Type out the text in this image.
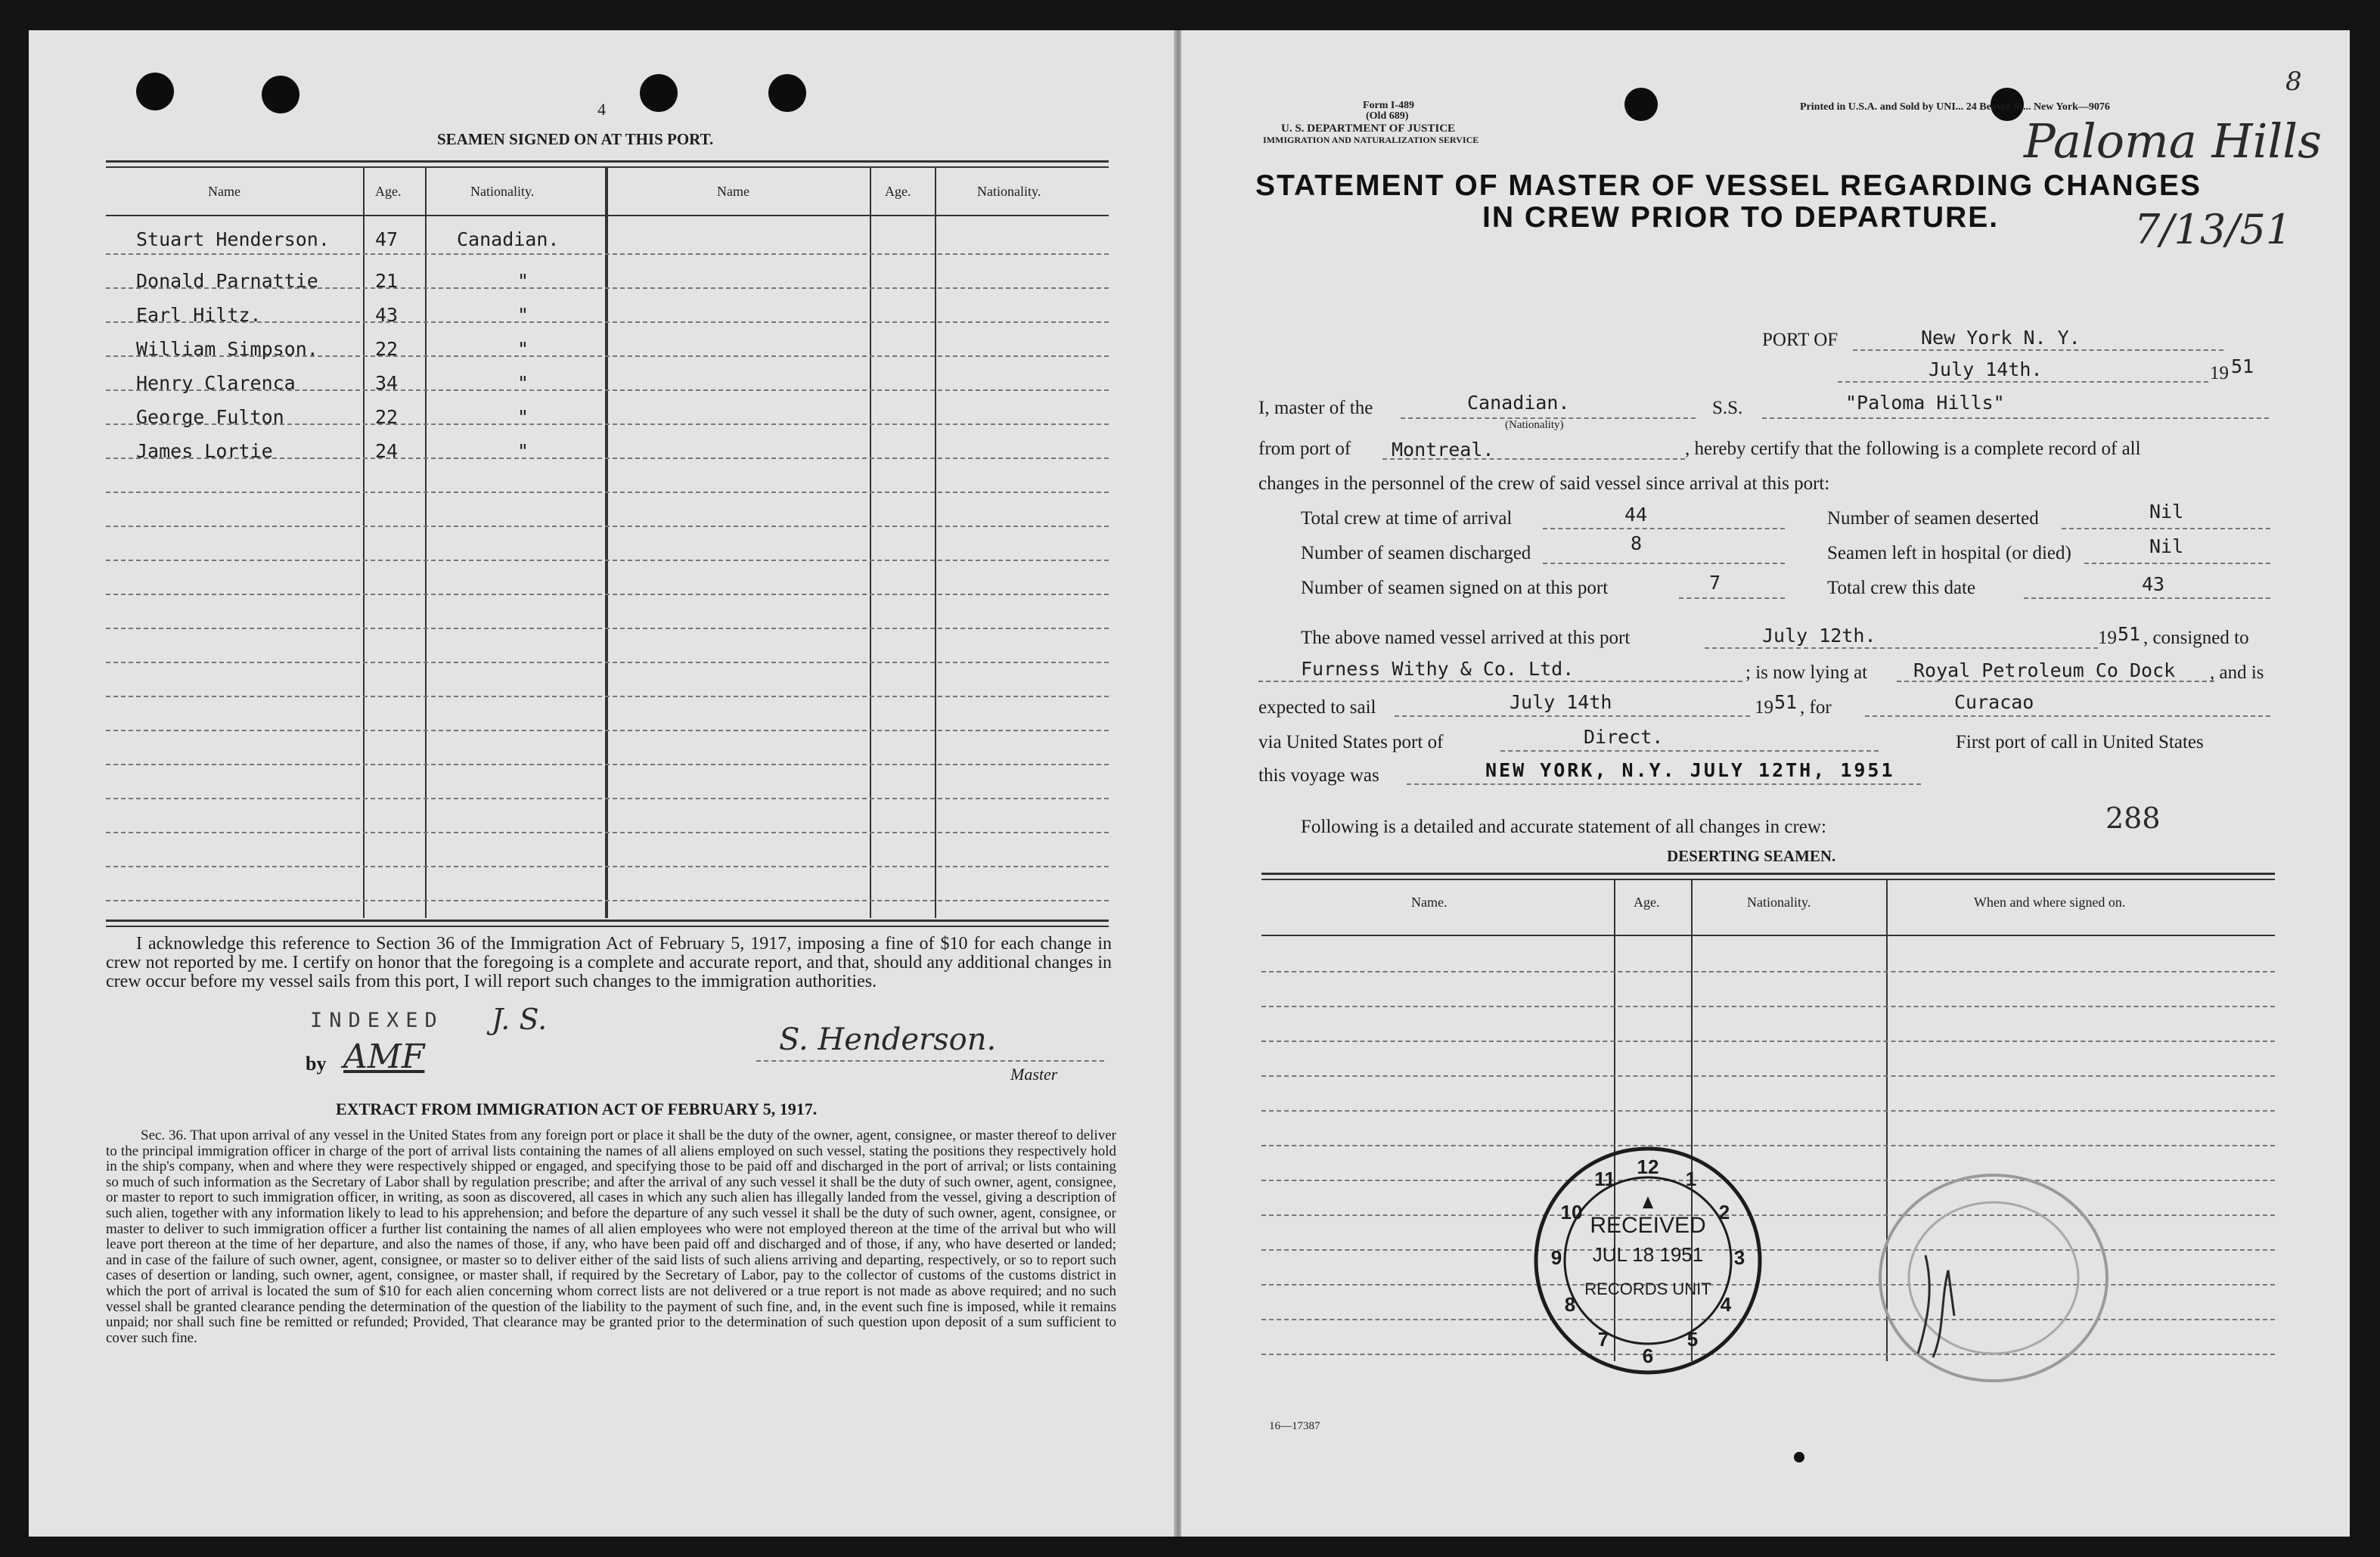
4
SEAMEN SIGNED ON AT THIS PORT.
Name	Age.	Nationality.	Name	Age.	Nationality.
Stuart Henderson. 47	Canadian.
Donald Parnattie	21	"
Earl Hiltz.	43	"
William Simpson.	22	"
Henry Clarenca	34	"
George Fulton	22	"
James Lortie	24	"
I acknowledge this reference to Section 36 of the Immigration Act of February 5, 1917, imposing a fine of $10 for each change in crew not reported by me. I certify on honor that the foregoing is a complete and accurate report, and that, should any additional changes in crew occur before my vessel sails from this port, I will report such changes to the immigration authorities.
INDEXED J. S.
by AMF	S. Henderson.
Master
EXTRACT FROM IMMIGRATION ACT OF FEBRUARY 5, 1917.
Sec. 36. That upon arrival of any vessel in the United States from any foreign port or place it shall be the duty of the owner, agent, consignee, or master thereof to deliver to the principal immigration officer in charge of the port of arrival lists containing the names of all aliens employed on such vessel, stating the positions they respectively hold in the ship's company, when and where they were respectively shipped or engaged, and specifying those to be paid off and discharged in the port of arrival; or lists containing so much of such information as the Secretary of Labor shall by regulation prescribe; and after the arrival of any such vessel it shall be the duty of such owner, agent, consignee, or master to report to such immigration officer, in writing, as soon as discovered, all cases in which any such alien has illegally landed from the vessel, giving a description of such alien, together with any information likely to lead to his apprehension; and before the departure of any such vessel it shall be the duty of such owner, agent, consignee, or master to deliver to such immigration officer a further list containing the names of all alien employees who were not employed thereon at the time of the arrival but who will leave port thereon at the time of her departure, and also the names of those, if any, who have been paid off and discharged and of those, if any, who have deserted or landed; and in case of the failure of such owner, agent, consignee, or master so to deliver either of the said lists of such aliens arriving and departing, respectively, or so to report such cases of desertion or landing, such owner, agent, consignee, or master shall, if required by the Secretary of Labor, pay to the collector of customs of the customs district in which the port of arrival is located the sum of $10 for each alien concerning whom correct lists are not delivered or a true report is not made as above required; and no such vessel shall be granted clearance pending the determination of the question of the liability to the payment of such fine, and, in the event such fine is imposed, while it remains unpaid; nor shall such fine be remitted or refunded; Provided, That clearance may be granted prior to the determination of such question upon deposit of a sum sufficient to cover such fine.
Form I-489
(Old 689)
U. S. DEPARTMENT OF JUSTICE
IMMIGRATION AND NATURALIZATION SERVICE
Printed in U.S.A. and Sold by UNI... 24 Beaver St... New York—9076
8
Paloma Hills
7/13/51
STATEMENT OF MASTER OF VESSEL REGARDING CHANGES
IN CREW PRIOR TO DEPARTURE.
PORT OF	New York N. Y.
July 14th.	19 51
I, master of the	Canadian.
(Nationality)
S.S.	"Paloma Hills"
from port of Montreal.	, hereby certify that the following is a complete record of all
changes in the personnel of the crew of said vessel since arrival at this port:
Total crew at time of arrival	44
Number of seamen discharged	8
Number of seamen signed on at this port	7
Number of seamen deserted	Nil
Seamen left in hospital (or died)	Nil
Total crew this date	43
The above named vessel arrived at this port	July 12th.	19 51 , consigned to
Furness Withy & Co. Ltd.	; is now lying at Royal Petroleum Co Dock , and is
expected to sail	July 14th	19 51 , for	Curacao
via United States port of	Direct.	First port of call in United States
this voyage was	NEW YORK, N.Y. JULY 12TH, 1951
Following is a detailed and accurate statement of all changes in crew:	288
DESERTING SEAMEN.
Name.	Age.	Nationality.	When and where signed on.
12
1
2
3
4
5
6
7
8
9
10
11
RECEIVED
JUL 18 1951
RECORDS UNIT
16—17387
